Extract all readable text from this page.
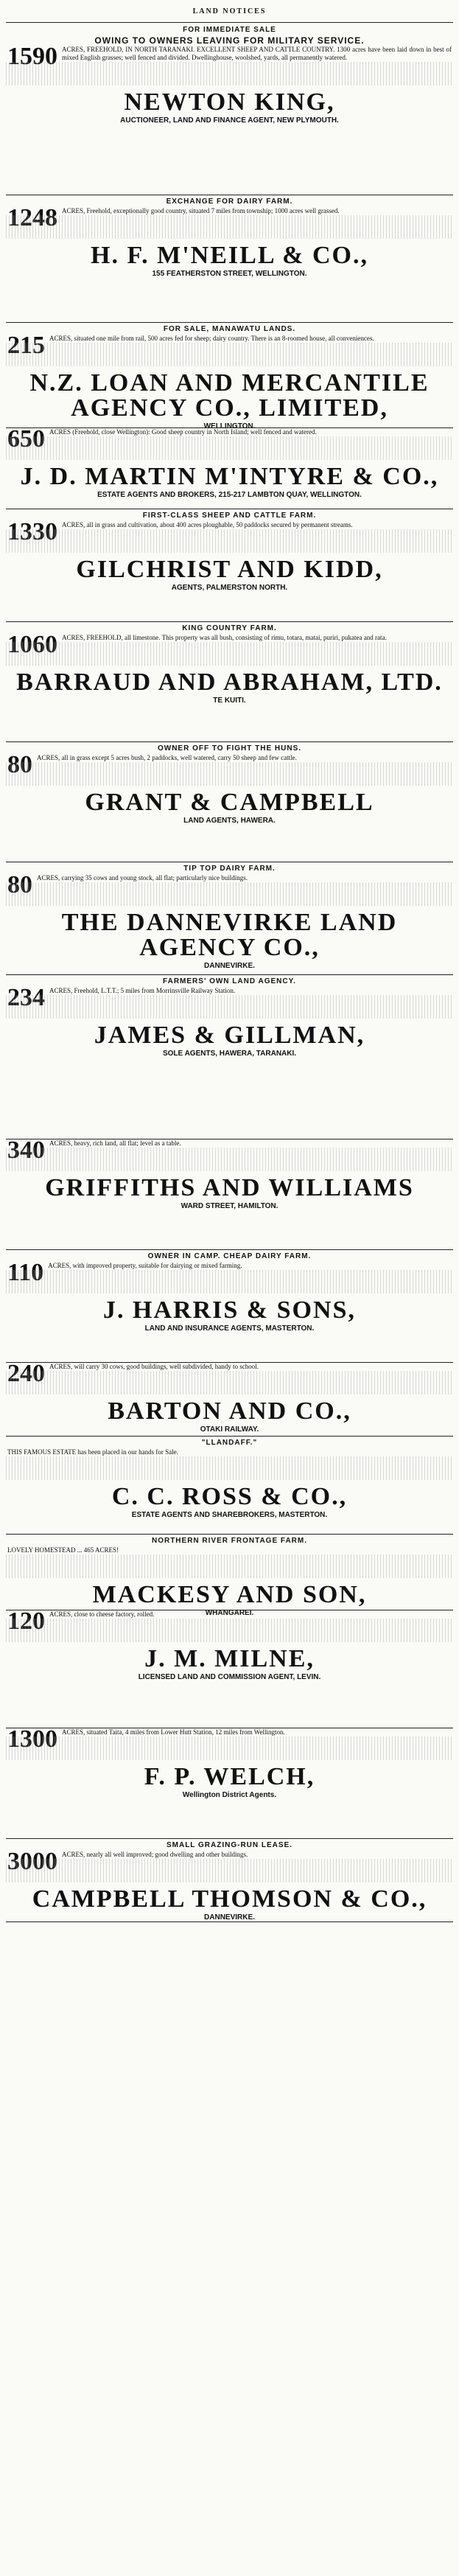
LAND NOTICES
FOR IMMEDIATE SALE
OWING TO OWNERS LEAVING FOR MILITARY SERVICE.
1590 ACRES, FREEHOLD, IN NORTH TARANAKI. EXCELLENT SHEEP AND CATTLE COUNTRY. 1300 acres have been laid down in best of mixed English grasses; well fenced and divided. Dwellinghouse, woolshed, yards, all permanently watered.
NEWTON KING,
AUCTIONEER, LAND AND FINANCE AGENT, NEW PLYMOUTH.
EXCHANGE FOR DAIRY FARM.
1248 ACRES, Freehold, exceptionally good country, situated 7 miles from township; 1000 acres well grassed.
H. F. M'NEILL & CO.,
155 FEATHERSTON STREET, WELLINGTON.
FOR SALE, MANAWATU LANDS.
215 ACRES, situated one mile from rail, 500 acres fed for sheep; dairy country. There is an 8-roomed house, all conveniences.
N.Z. LOAN AND MERCANTILE AGENCY CO., LIMITED,
WELLINGTON.
650 ACRES (Freehold, close Wellington): Good sheep country in North Island; well fenced and watered.
J. D. MARTIN M'INTYRE & CO.,
ESTATE AGENTS AND BROKERS, 215-217 LAMBTON QUAY, WELLINGTON.
FIRST-CLASS SHEEP AND CATTLE FARM.
1330 ACRES, all in grass and cultivation, about 400 acres ploughable, 50 paddocks secured by permanent streams.
GILCHRIST AND KIDD,
AGENTS, PALMERSTON NORTH.
KING COUNTRY FARM.
1060 ACRES, FREEHOLD, all limestone. This property was all bush, consisting of rimu, totara, matai, puriri, pukatea and rata.
BARRAUD AND ABRAHAM, LTD.
TE KUITI.
OWNER OFF TO FIGHT THE HUNS.
80 ACRES, all in grass except 5 acres bush, 2 paddocks, well watered, carry 50 sheep and few cattle.
GRANT & CAMPBELL
LAND AGENTS, HAWERA.
TIP TOP DAIRY FARM.
80 ACRES, carrying 35 cows and young stock, all flat; particularly nice buildings.
THE DANNEVIRKE LAND AGENCY CO.,
DANNEVIRKE.
FARMERS' OWN LAND AGENCY.
234 ACRES, Freehold, L.T.T.; 5 miles from Morrinsville Railway Station.
JAMES & GILLMAN,
SOLE AGENTS, HAWERA, TARANAKI.
340 ACRES, heavy, rich land, all flat; level as a table.
GRIFFITHS AND WILLIAMS
WARD STREET, HAMILTON.
OWNER IN CAMP. CHEAP DAIRY FARM.
110 ACRES, with improved property, suitable for dairying or mixed farming.
J. HARRIS & SONS,
LAND AND INSURANCE AGENTS, MASTERTON.
240 ACRES, will carry 30 cows, good buildings, well subdivided, handy to school.
BARTON AND CO.,
OTAKI RAILWAY.
"LLANDAFF."
THIS FAMOUS ESTATE has been placed in our hands for Sale.
C. C. ROSS & CO.,
ESTATE AGENTS AND SHAREBROKERS, MASTERTON.
NORTHERN RIVER FRONTAGE FARM.
LOVELY HOMESTEAD ... 465 ACRES!
MACKESY AND SON,
WHANGAREI.
120 ACRES, close to cheese factory, rolled.
J. M. MILNE,
LICENSED LAND AND COMMISSION AGENT, LEVIN.
1300 ACRES, situated Taita, 4 miles from Lower Hutt Station, 12 miles from Wellington.
F. P. WELCH,
Wellington District Agents.
SMALL GRAZING-RUN LEASE.
3000 ACRES, nearly all well improved; good dwelling and other buildings.
CAMPBELL THOMSON & CO.,
DANNEVIRKE.
